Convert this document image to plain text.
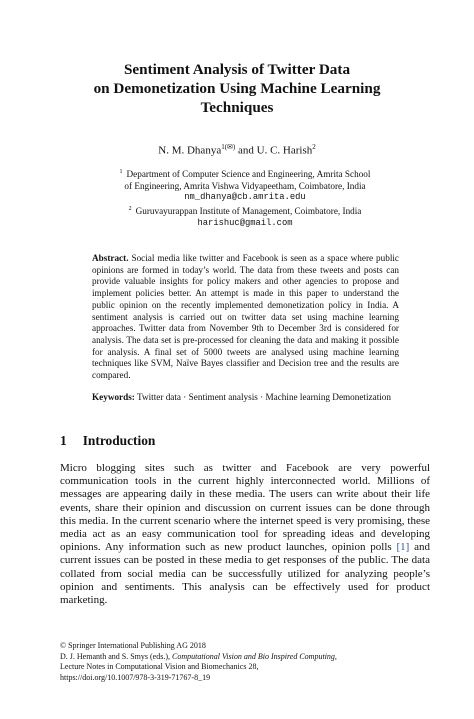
Sentiment Analysis of Twitter Data
on Demonetization Using Machine Learning
Techniques
N. M. Dhanya$^{1(✉)}$ and U. C. Harish$^2$
$^1$ Department of Computer Science and Engineering, Amrita School
of Engineering, Amrita Vishwa Vidyapeetham, Coimbatore, India
nm_dhanya@cb.amrita.edu
$^2$ Guruvayurappan Institute of Management, Coimbatore, India
harishuc@gmail.com
Abstract. Social media like twitter and Facebook is seen as a space where public opinions are formed in today’s world. The data from these tweets and posts can provide valuable insights for policy makers and other agencies to propose and implement policies better. An attempt is made in this paper to understand the public opinion on the recently implemented demonetization policy in India. A sentiment analysis is carried out on twitter data set using machine learning approaches. Twitter data from November 9th to December 3rd is considered for analysis. The data set is pre-processed for cleaning the data and making it possible for analysis. A final set of 5000 tweets are analysed using machine learning techniques like SVM, Naïve Bayes classifier and Decision tree and the results are compared.
Keywords: Twitter data · Sentiment analysis · Machine learning Demonetization
1 Introduction
Micro blogging sites such as twitter and Facebook are very powerful communication tools in the current highly interconnected world. Millions of messages are appearing daily in these media. The users can write about their life events, share their opinion and discussion on current issues can be done through this media. In the current scenario where the internet speed is very promising, these media act as an easy communication tool for spreading ideas and developing opinions. Any information such as new product launches, opinion polls [1] and current issues can be posted in these media to get responses of the public. The data collated from social media can be successfully utilized for analyzing people’s opinion and sentiments. This analysis can be effectively used for product marketing.
© Springer International Publishing AG 2018
D. J. Hemanth and S. Smys (eds.), Computational Vision and Bio Inspired Computing,
Lecture Notes in Computational Vision and Biomechanics 28,
https://doi.org/10.1007/978-3-319-71767-8_19
